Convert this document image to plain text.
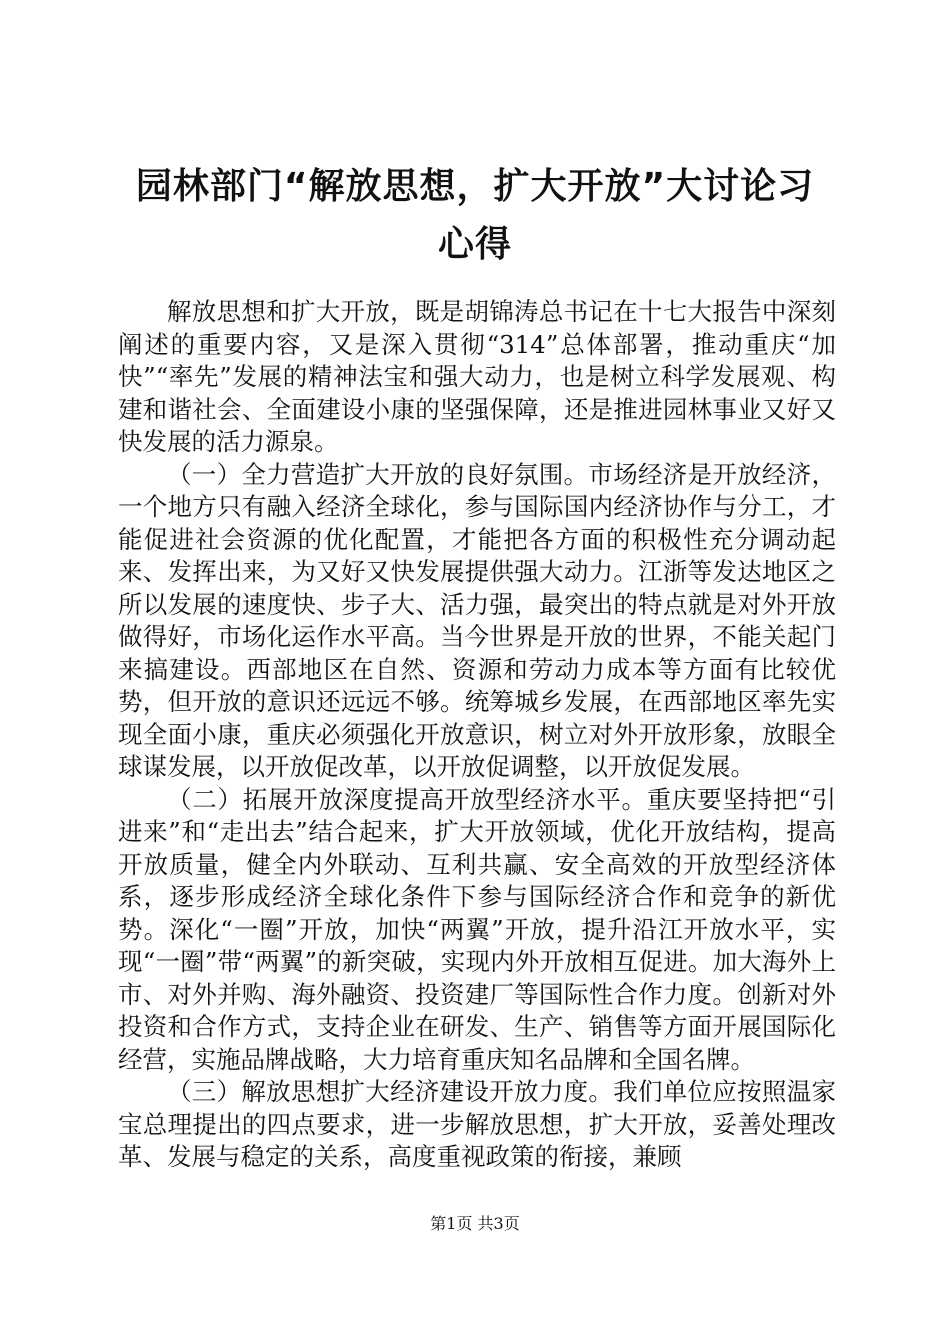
园林部门“解放思想，扩大开放”大讨论习心得

解放思想和扩大开放，既是胡锦涛总书记在十七大报告中深刻阐述的重要内容，又是深入贯彻“314”总体部署，推动重庆“加快”“率先”发展的精神法宝和强大动力，也是树立科学发展观、构建和谐社会、全面建设小康的坚强保障，还是推进园林事业又好又快发展的活力源泉。

（一）全力营造扩大开放的良好氛围。市场经济是开放经济，一个地方只有融入经济全球化，参与国际国内经济协作与分工，才能促进社会资源的优化配置，才能把各方面的积极性充分调动起来、发挥出来，为又好又快发展提供强大动力。江浙等发达地区之所以发展的速度快、步子大、活力强，最突出的特点就是对外开放做得好，市场化运作水平高。当今世界是开放的世界，不能关起门来搞建设。西部地区在自然、资源和劳动力成本等方面有比较优势，但开放的意识还远远不够。统筹城乡发展，在西部地区率先实现全面小康，重庆必须强化开放意识，树立对外开放形象，放眼全球谋发展，以开放促改革，以开放促调整，以开放促发展。

（二）拓展开放深度提高开放型经济水平。重庆要坚持把“引进来”和“走出去”结合起来，扩大开放领域，优化开放结构，提高开放质量，健全内外联动、互利共赢、安全高效的开放型经济体系，逐步形成经济全球化条件下参与国际经济合作和竞争的新优势。深化“一圈”开放，加快“两翼”开放，提升沿江开放水平，实现“一圈”带“两翼”的新突破，实现内外开放相互促进。加大海外上市、对外并购、海外融资、投资建厂等国际性合作力度。创新对外投资和合作方式，支持企业在研发、生产、销售等方面开展国际化经营，实施品牌战略，大力培育重庆知名品牌和全国名牌。

（三）解放思想扩大经济建设开放力度。我们单位应按照温家宝总理提出的四点要求，进一步解放思想，扩大开放，妥善处理改革、发展与稳定的关系，高度重视政策的衔接，兼顾

第1页 共3页
